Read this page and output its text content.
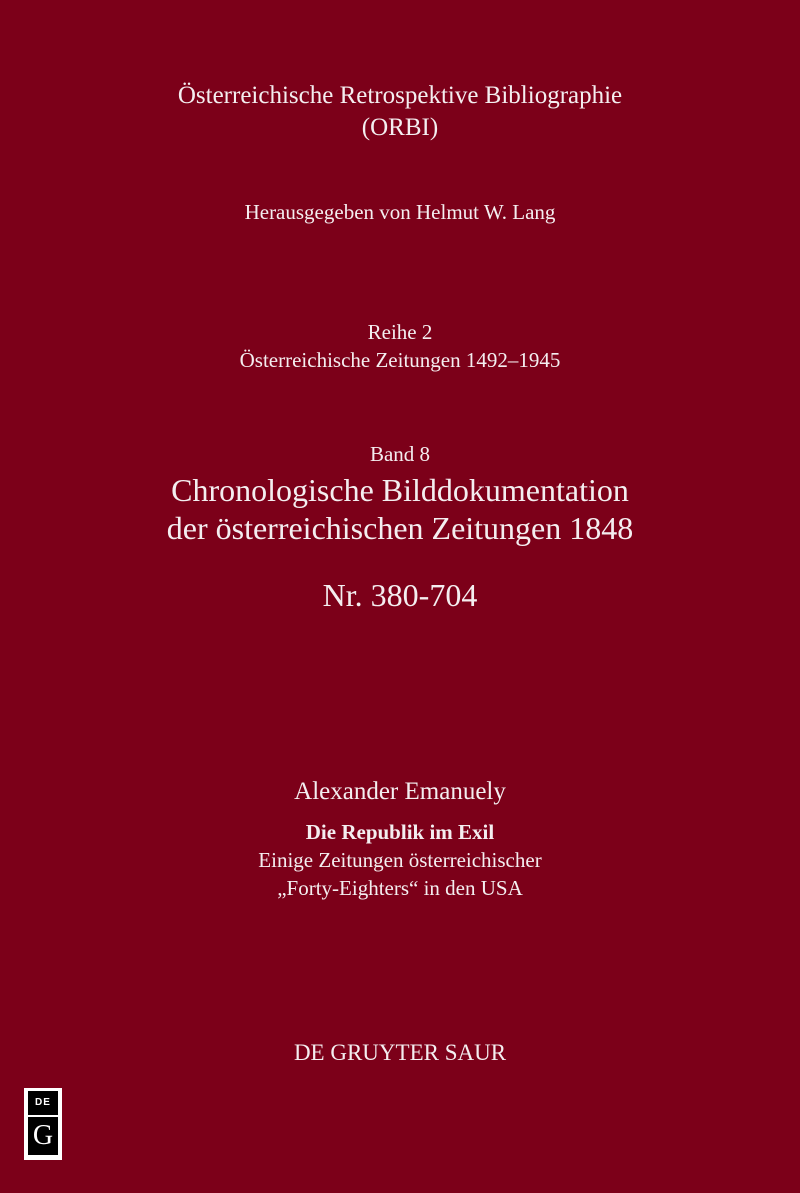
Österreichische Retrospektive Bibliographie
(ORBI)
Herausgegeben von Helmut W. Lang
Reihe 2
Österreichische Zeitungen 1492–1945
Band 8
Chronologische Bilddokumentation
der österreichischen Zeitungen 1848
Nr. 380-704
Alexander Emanuely
Die Republik im Exil
Einige Zeitungen österreichischer
„Forty-Eighters“ in den USA
DE GRUYTER SAUR
DE
G
